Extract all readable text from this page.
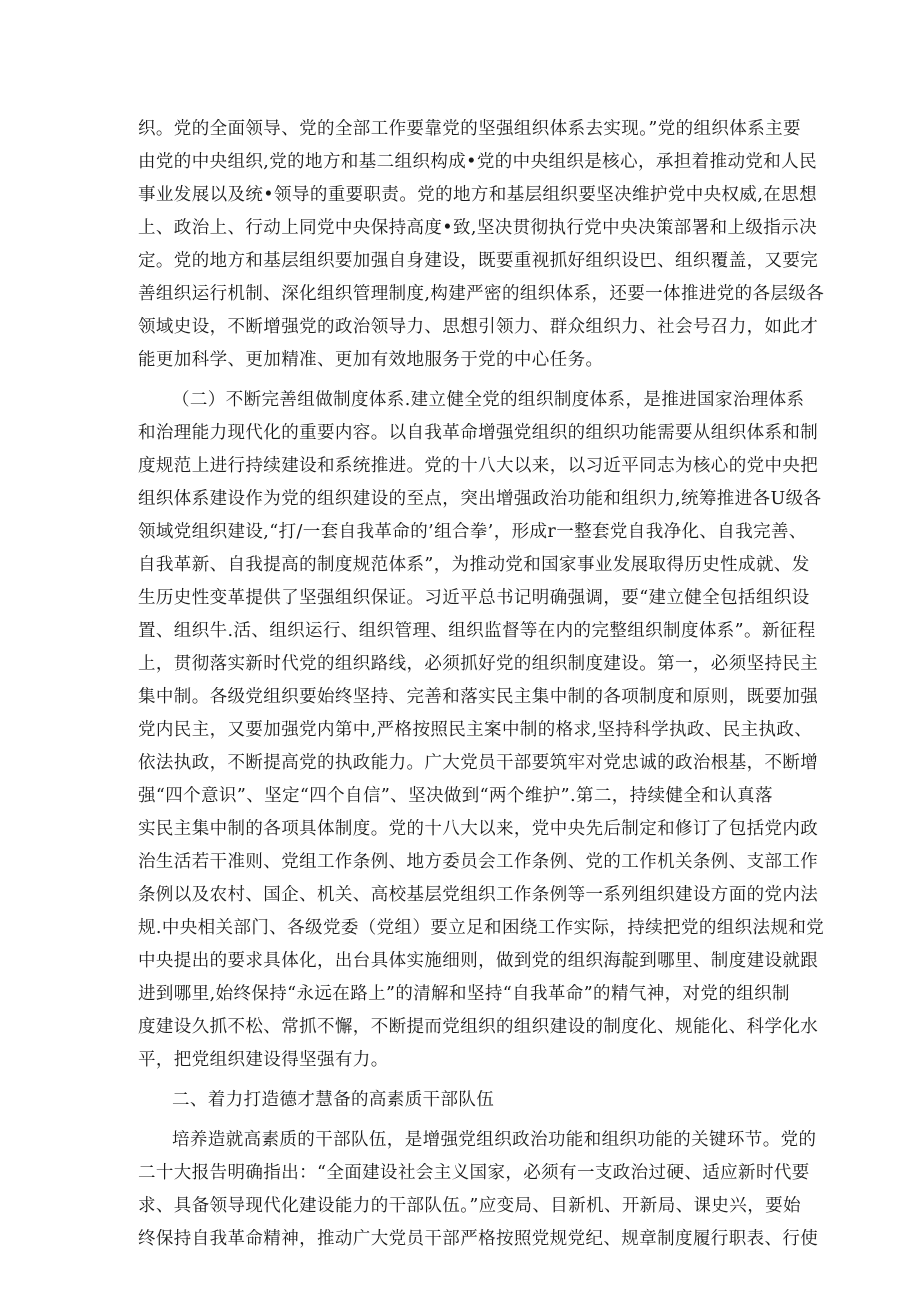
织。党的全面领导、党的全部工作要靠党的坚强组织体系去实现。”党的组织体系主要
由党的中央组织,党的地方和基二组织构成•党的中央组织是核心，承担着推动党和人民
事业发展以及统•领导的重要职责。党的地方和基层组织要坚决维护党中央权威,在思想
上、政治上、行动上同党中央保持高度•致,坚决贯彻执行党中央决策部署和上级指示决
定。党的地方和基层组织要加强自身建设，既要重视抓好组织设巴、组织覆盖，又要完
善组织运行机制、深化组织管理制度,构建严密的组织体系，还要一体推进党的各层级各
领域史设，不断增强党的政治领导力、思想引领力、群众组织力、社会号召力，如此才
能更加科学、更加精准、更加有效地服务于党的中心任务。
（二）不断完善组做制度体系.建立健全党的组织制度体系，是推进国家治理体系
和治理能力现代化的重要内容。以自我革命增强党组织的组织功能需要从组织体系和制
度规范上进行持续建设和系统推进。党的十八大以来，以习近平同志为核心的党中央把
组织体系建设作为党的组织建设的至点，突出增强政治功能和组织力,统筹推进各U级各
领域党组织建设,“打/一套自我革命的’组合拳’，形成r一整套党自我净化、自我完善、
自我革新、自我提高的制度规范体系”，为推动党和国家事业发展取得历史性成就、发
生历史性变革提供了坚强组织保证。习近平总书记明确强调，要“建立健全包括组织设
置、组织牛.活、组织运行、组织管理、组织监督等在内的完整组织制度体系”。新征程
上，贯彻落实新时代党的组织路线，必须抓好党的组织制度建设。第一，必须坚持民主
集中制。各级党组织要始终坚持、完善和落实民主集中制的各项制度和原则，既要加强
党内民主，又要加强党内第中,严格按照民主案中制的格求,坚持科学执政、民主执政、
依法执政，不断提高党的执政能力。广大党员干部要筑牢对党忠诚的政治根基，不断增
强“四个意识”、坚定“四个自信”、坚决做到“两个维护”.第二，持续健全和认真落
实民主集中制的各项具体制度。党的十八大以来，党中央先后制定和修订了包括党内政
治生活若干准则、党组工作条例、地方委员会工作条例、党的工作机关条例、支部工作
条例以及农村、国企、机关、高校基层党组织工作条例等一系列组织建设方面的党内法
规.中央相关部门、各级党委（党组）要立足和困绕工作实际，持续把党的组织法规和党
中央提出的要求具体化，出台具体实施细则，做到党的组织海靛到哪里、制度建设就跟
进到哪里,始终保持“永远在路上”的清解和坚持“自我革命”的精气神，对党的组织制
度建设久抓不松、常抓不懈，不断提而党组织的组织建设的制度化、规能化、科学化水
平，把党组织建设得坚强有力。
二、着力打造德才慧备的高素质干部队伍
培养造就高素质的干部队伍，是增强党组织政治功能和组织功能的关键环节。党的
二十大报告明确指出：“全面建设社会主义国家，必须有一支政治过硬、适应新时代要
求、具备领导现代化建设能力的干部队伍。”应变局、目新机、开新局、课史兴，要始
终保持自我革命精神，推动广大党员干部严格按照党规党纪、规章制度履行职表、行使
